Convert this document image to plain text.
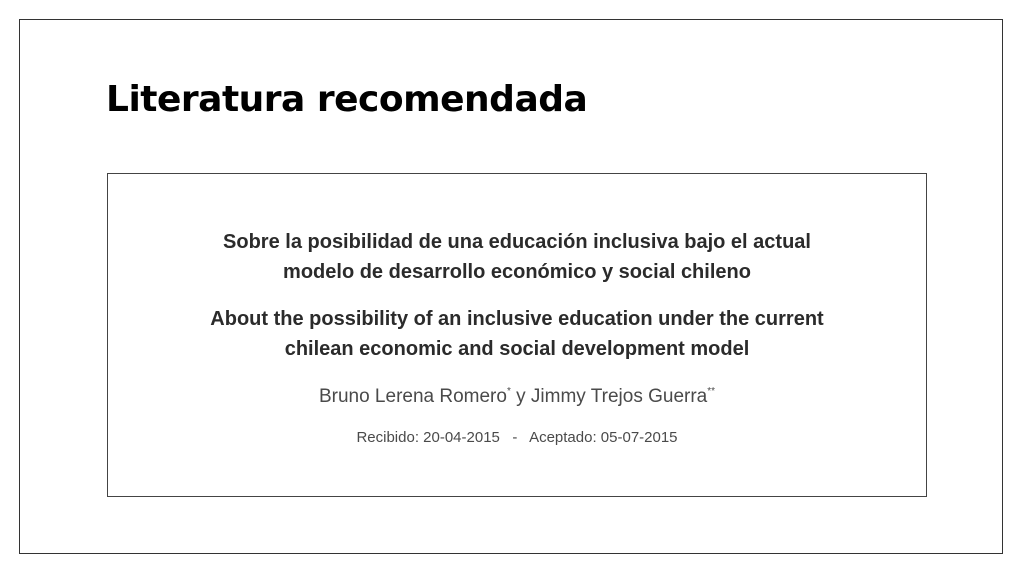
Literatura recomendada
Sobre la posibilidad de una educación inclusiva bajo el actual
modelo de desarrollo económico y social chileno
About the possibility of an inclusive education under the current
chilean economic and social development model

Bruno Lerena Romero* y Jimmy Trejos Guerra**

Recibido: 20-04-2015   -   Aceptado: 05-07-2015
